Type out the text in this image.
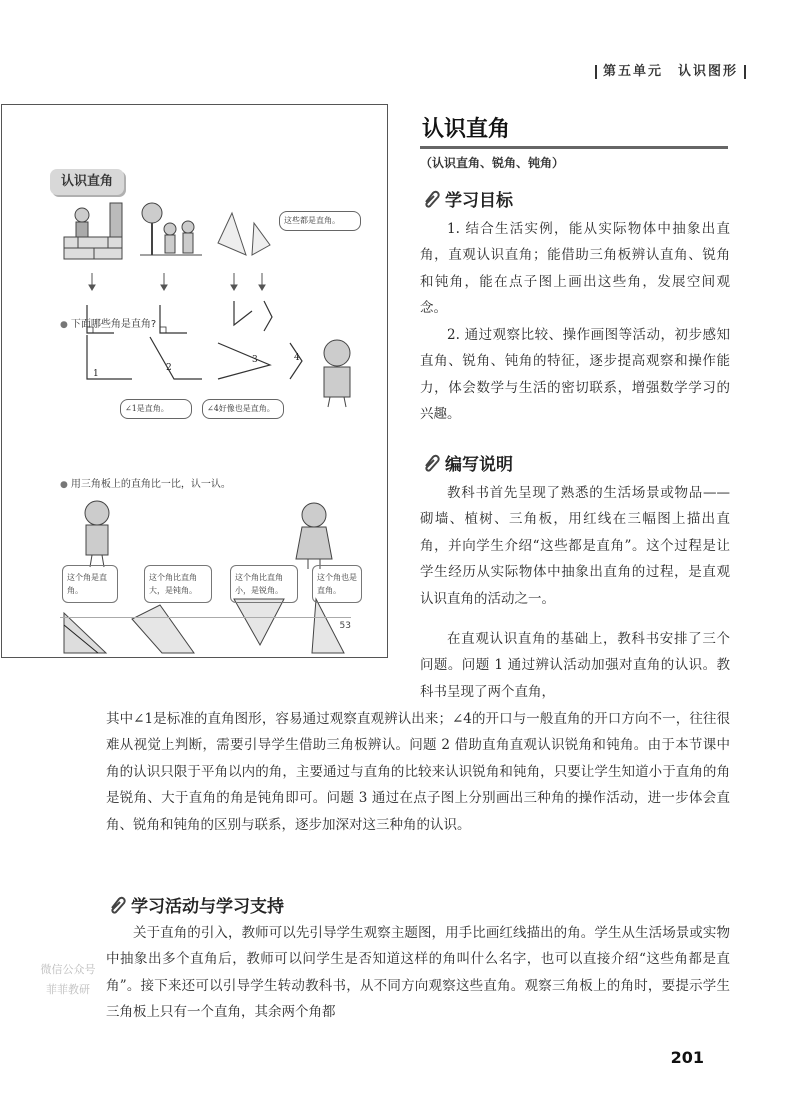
第五单元　认识图形
认识直角
这些都是直角。
● 下面哪些角是直角?
1
2
3	4
∠1是直角。	∠4好像也是直角。
● 用三角板上的直角比一比，认一认。
这个角是直角。
这个角比直角大，是钝角。
这个角比直角小，是锐角。
这个角也是直角。
53
认识直角
（认识直角、锐角、钝角）
学习目标
1. 结合生活实例，能从实际物体中抽象出直角，直观认识直角；能借助三角板辨认直角、锐角和钝角，能在点子图上画出这些角，发展空间观念。
2. 通过观察比较、操作画图等活动，初步感知直角、锐角、钝角的特征，逐步提高观察和操作能力，体会数学与生活的密切联系，增强数学学习的兴趣。
编写说明
教科书首先呈现了熟悉的生活场景或物品——砌墙、植树、三角板，用红线在三幅图上描出直角，并向学生介绍“这些都是直角”。这个过程是让学生经历从实际物体中抽象出直角的过程，是直观认识直角的活动之一。
在直观认识直角的基础上，教科书安排了三个问题。问题 1 通过辨认活动加强对直角的认识。教科书呈现了两个直角，
其中∠1是标准的直角图形，容易通过观察直观辨认出来；∠4的开口与一般直角的开口方向不一，往往很难从视觉上判断，需要引导学生借助三角板辨认。问题 2 借助直角直观认识锐角和钝角。由于本节课中角的认识只限于平角以内的角，主要通过与直角的比较来认识锐角和钝角，只要让学生知道小于直角的角是锐角、大于直角的角是钝角即可。问题 3 通过在点子图上分别画出三种角的操作活动，进一步体会直角、锐角和钝角的区别与联系，逐步加深对这三种角的认识。
学习活动与学习支持
关于直角的引入，教师可以先引导学生观察主题图，用手比画红线描出的角。学生从生活场景或实物中抽象出多个直角后，教师可以问学生是否知道这样的角叫什么名字，也可以直接介绍“这些角都是直角”。接下来还可以引导学生转动教科书，从不同方向观察这些直角。观察三角板上的角时，要提示学生三角板上只有一个直角，其余两个角都
微信公众号
菲菲教研
201
